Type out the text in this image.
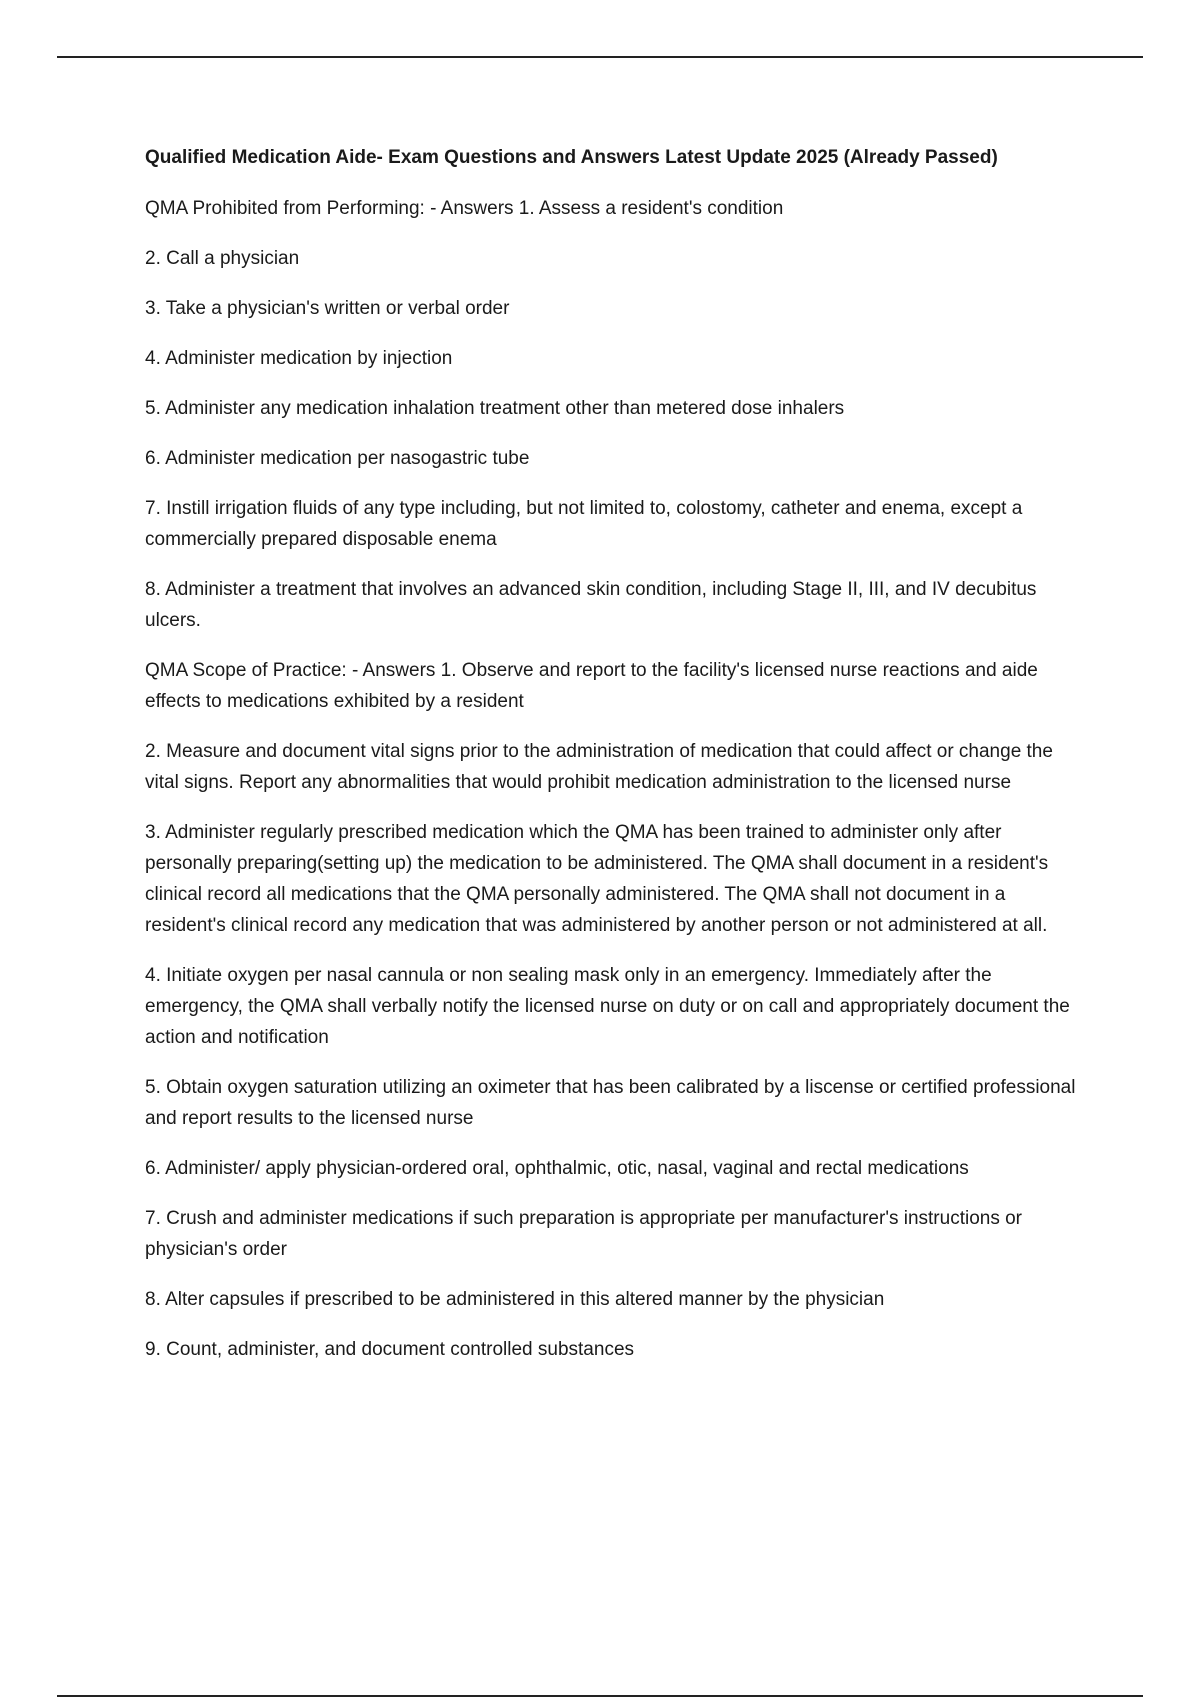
Qualified Medication Aide- Exam Questions and Answers Latest Update 2025 (Already Passed)
QMA Prohibited from Performing: - Answers 1. Assess a resident's condition
2. Call a physician
3. Take a physician's written or verbal order
4. Administer medication by injection
5. Administer any medication inhalation treatment other than metered dose inhalers
6. Administer medication per nasogastric tube
7. Instill irrigation fluids of any type including, but not limited to, colostomy, catheter and enema, except a commercially prepared disposable enema
8. Administer a treatment that involves an advanced skin condition, including Stage II, III, and IV decubitus ulcers.
QMA Scope of Practice: - Answers 1. Observe and report to the facility's licensed nurse reactions and aide effects to medications exhibited by a resident
2. Measure and document vital signs prior to the administration of medication that could affect or change the vital signs. Report any abnormalities that would prohibit medication administration to the licensed nurse
3. Administer regularly prescribed medication which the QMA has been trained to administer only after personally preparing(setting up) the medication to be administered. The QMA shall document in a resident's clinical record all medications that the QMA personally administered. The QMA shall not document in a resident's clinical record any medication that was administered by another person or not administered at all.
4. Initiate oxygen per nasal cannula or non sealing mask only in an emergency. Immediately after the emergency, the QMA shall verbally notify the licensed nurse on duty or on call and appropriately document the action and notification
5. Obtain oxygen saturation utilizing an oximeter that has been calibrated by a liscense or certified professional and report results to the licensed nurse
6. Administer/ apply physician-ordered oral, ophthalmic, otic, nasal, vaginal and rectal medications
7. Crush and administer medications if such preparation is appropriate per manufacturer's instructions or physician's order
8. Alter capsules if prescribed to be administered in this altered manner by the physician
9. Count, administer, and document controlled substances
